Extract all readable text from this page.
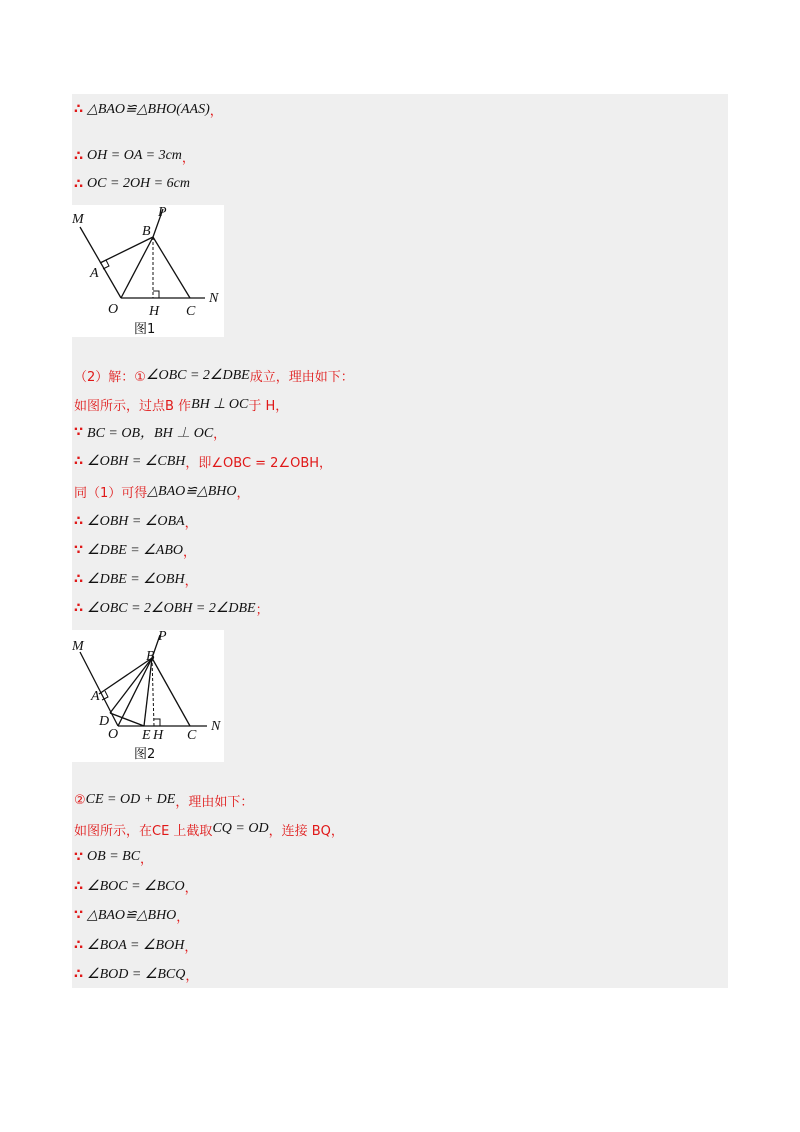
∴ △BAO≌△BHO(AAS) ，
∴ OH = OA = 3cm ，
∴ OC = 2OH = 6cm
M	P
B
A
O H C
N
图1
（2）解：① ∠OBC = 2∠DBE 成立，理由如下：
如图所示，过点B 作 BH ⊥ OC 于 H，
∵ BC = OB，BH ⊥ OC ，
∴ ∠OBH = ∠CBH ，即∠OBC = 2∠OBH，
同（1）可得 △BAO≌△BHO ，
∴ ∠OBH = ∠OBA ，
∵ ∠DBE = ∠ABO ，
∴ ∠DBE = ∠OBH ，
∴ ∠OBC = 2∠OBH = 2∠DBE ；
M
P
B
A
D
O E H C
N
图2
② CE = OD + DE ，理由如下：
如图所示，在CE 上截取 CQ = OD ，连接 BQ，
∵ OB = BC ，
∴ ∠BOC = ∠BCO ，
∵ △BAO≌△BHO ，
∴ ∠BOA = ∠BOH ，
∴ ∠BOD = ∠BCQ ，
